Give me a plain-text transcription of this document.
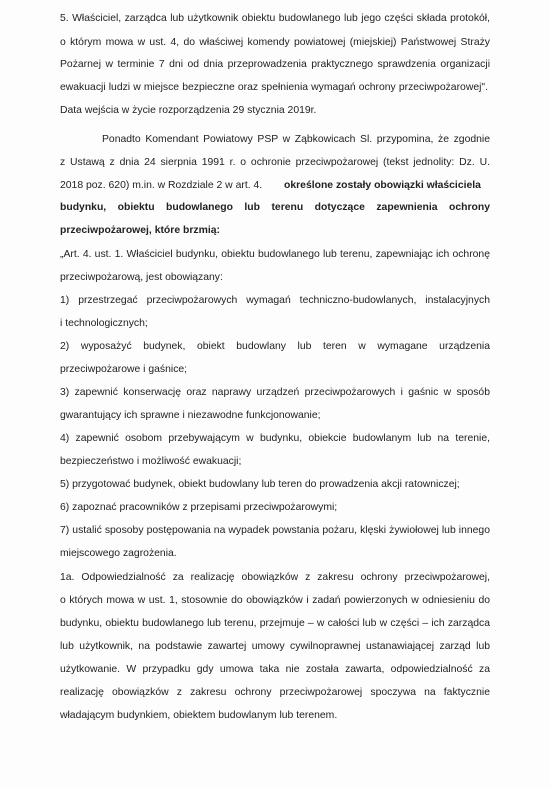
5. Właściciel, zarządca lub użytkownik obiektu budowlanego lub jego części składa protokół,
o którym mowa w ust. 4, do właściwej komendy powiatowej (miejskiej) Państwowej Straży
Pożarnej w terminie 7 dni od dnia przeprowadzenia praktycznego sprawdzenia organizacji
ewakuacji ludzi w miejsce bezpieczne oraz spełnienia wymagań ochrony przeciwpożarowej".
Data wejścia w życie rozporządzenia 29 stycznia 2019r.
Ponadto Komendant Powiatowy PSP w Ząbkowicach Śl. przypomina, że zgodnie
z Ustawą z dnia 24 sierpnia 1991 r. o ochronie przeciwpożarowej (tekst jednolity: Dz. U.
2018 poz. 620) m.in. w Rozdziale 2 w art. 4. określone zostały obowiązki właściciela
budynku, obiektu budowlanego lub terenu dotyczące zapewnienia ochrony
przeciwpożarowej, które brzmią:
„Art. 4. ust. 1. Właściciel budynku, obiektu budowlanego lub terenu, zapewniając ich ochronę
przeciwpożarową, jest obowiązany:
1) przestrzegać przeciwpożarowych wymagań techniczno-budowlanych, instalacyjnych
i technologicznych;
2) wyposażyć budynek, obiekt budowlany lub teren w wymagane urządzenia
przeciwpożarowe i gaśnice;
3) zapewnić konserwację oraz naprawy urządzeń przeciwpożarowych i gaśnic w sposób
gwarantujący ich sprawne i niezawodne funkcjonowanie;
4) zapewnić osobom przebywającym w budynku, obiekcie budowlanym lub na terenie,
bezpieczeństwo i możliwość ewakuacji;
5) przygotować budynek, obiekt budowlany lub teren do prowadzenia akcji ratowniczej;
6) zapoznać pracowników z przepisami przeciwpożarowymi;
7) ustalić sposoby postępowania na wypadek powstania pożaru, klęski żywiołowej lub innego
miejscowego zagrożenia.
1a. Odpowiedzialność za realizację obowiązków z zakresu ochrony przeciwpożarowej,
o których mowa w ust. 1, stosownie do obowiązków i zadań powierzonych w odniesieniu do
budynku, obiektu budowlanego lub terenu, przejmuje – w całości lub w części – ich zarządca
lub użytkownik, na podstawie zawartej umowy cywilnoprawnej ustanawiającej zarząd lub
użytkowanie. W przypadku gdy umowa taka nie została zawarta, odpowiedzialność za
realizację obowiązków z zakresu ochrony przeciwpożarowej spoczywa na faktycznie
władającym budynkiem, obiektem budowlanym lub terenem.
